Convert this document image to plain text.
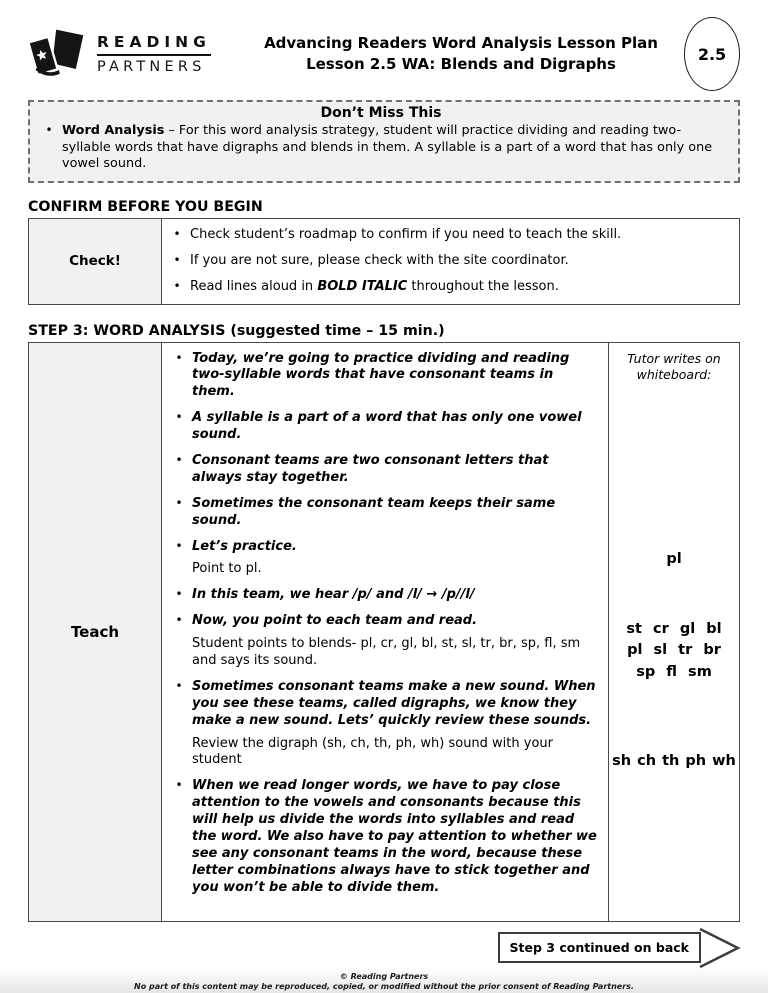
READING
PARTNERS
Advancing Readers Word Analysis Lesson Plan
Lesson 2.5 WA: Blends and Digraphs
2.5
Don’t Miss This
• Word Analysis – For this word analysis strategy, student will practice dividing and reading two-syllable words that have digraphs and blends in them. A syllable is a part of a word that has only one vowel sound.
CONFIRM BEFORE YOU BEGIN
Check!
• Check student’s roadmap to confirm if you need to teach the skill.
• If you are not sure, please check with the site coordinator.
• Read lines aloud in BOLD ITALIC throughout the lesson.
STEP 3: WORD ANALYSIS (suggested time – 15 min.)
Teach
• Today, we’re going to practice dividing and reading two-syllable words that have consonant teams in them.
• A syllable is a part of a word that has only one vowel sound.
• Consonant teams are two consonant letters that always stay together.
• Sometimes the consonant team keeps their same sound.
• Let’s practice.
Point to pl.
• In this team, we hear /p/ and /l/ → /p//l/
• Now, you point to each team and read.
Student points to blends- pl, cr, gl, bl, st, sl, tr, br, sp, fl, sm and says its sound.
• Sometimes consonant teams make a new sound. When you see these teams, called digraphs, we know they make a new sound. Lets’ quickly review these sounds.
Review the digraph (sh, ch, th, ph, wh) sound with your student
• When we read longer words, we have to pay close attention to the vowels and consonants because this will help us divide the words into syllables and read the word. We also have to pay attention to whether we see any consonant teams in the word, because these letter combinations always have to stick together and you won’t be able to divide them.
Tutor writes on whiteboard:
pl
st cr gl bl
pl sl tr br
sp fl sm
sh ch th ph wh
Step 3 continued on back
© Reading Partners
No part of this content may be reproduced, copied, or modified without the prior consent of Reading Partners.
